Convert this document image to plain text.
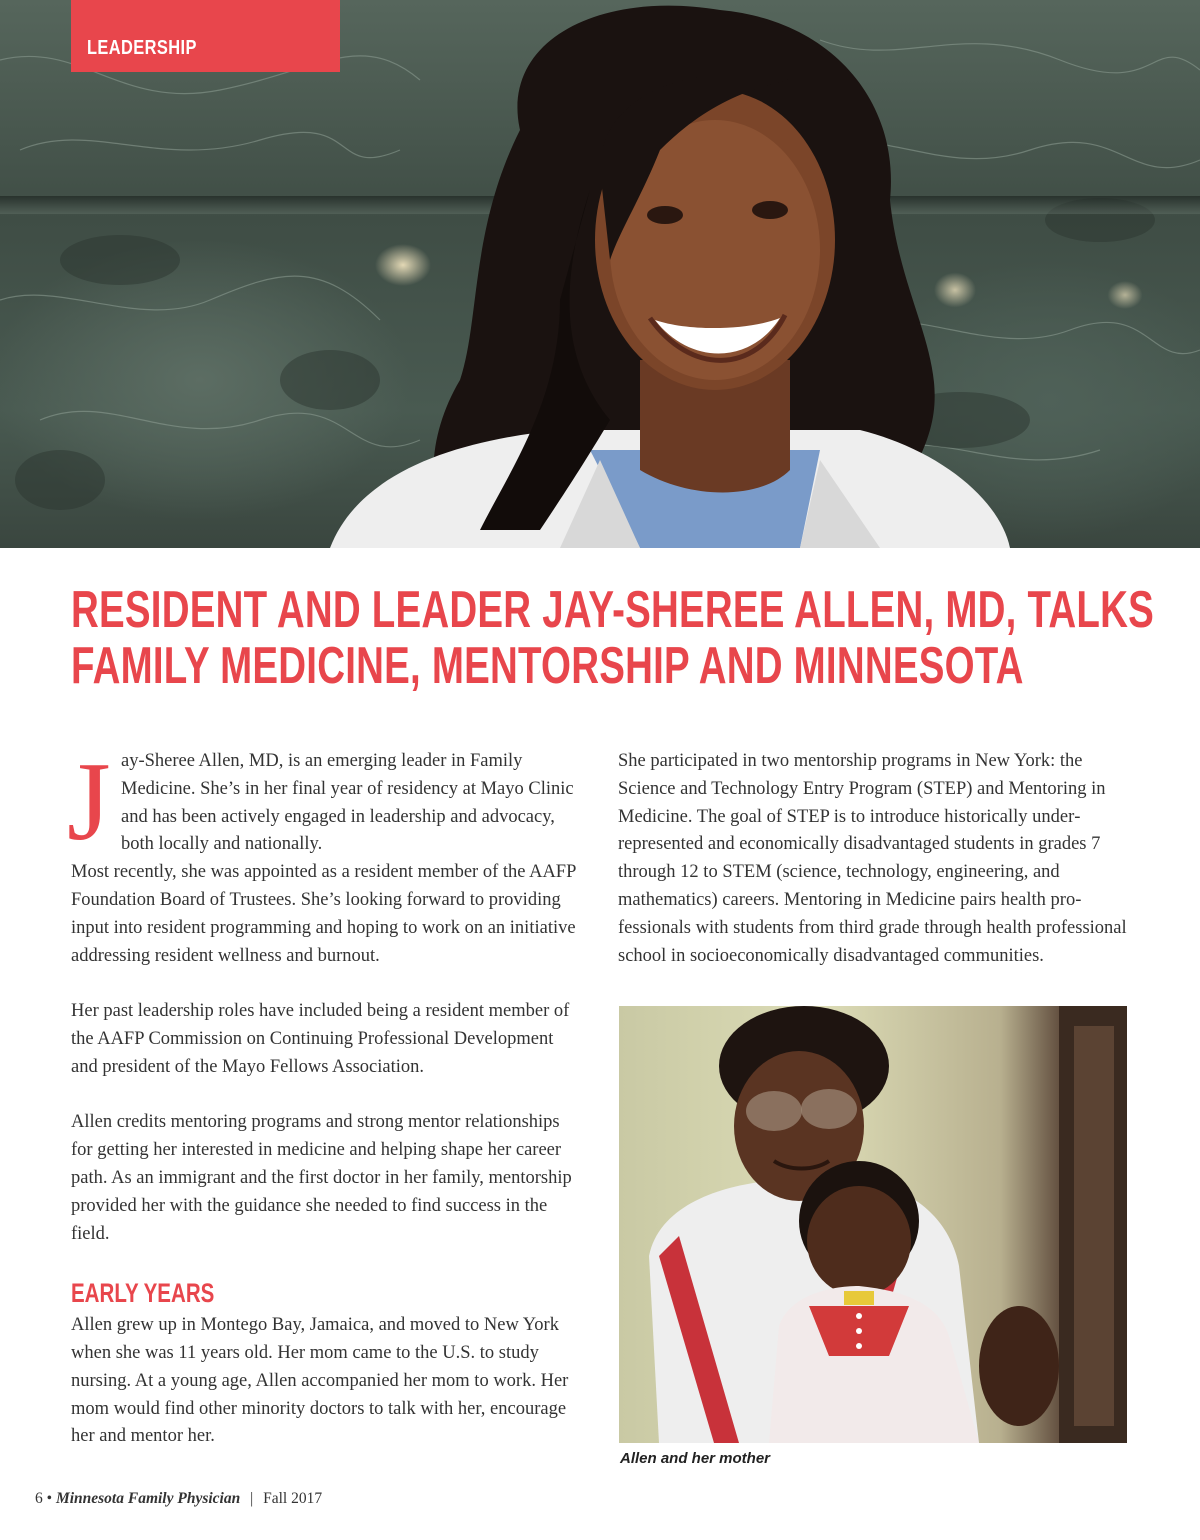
LEADERSHIP
RESIDENT AND LEADER JAY-SHEREE ALLEN, MD, TALKS
FAMILY MEDICINE, MENTORSHIP AND MINNESOTA
J ay-Sheree Allen, MD, is an emerging leader in Family Medicine. She’s in her final year of residency at Mayo Clinic and has been actively engaged in leadership and advocacy, both locally and nationally.

Most recently, she was appointed as a resident member of the AAFP Foundation Board of Trustees. She’s looking forward to providing input into resident programming and hoping to work on an initiative addressing resident wellness and burnout.

Her past leadership roles have included being a resident member of the AAFP Commission on Continuing Professional Development and president of the Mayo Fellows Association.

Allen credits mentoring programs and strong mentor relationships for getting her interested in medicine and helping shape her career path. As an immigrant and the first doctor in her family, mentorship provided her with the guidance she needed to find success in the field.

EARLY YEARS

Allen grew up in Montego Bay, Jamaica, and moved to New York when she was 11 years old. Her mom came to the U.S. to study nursing. At a young age, Allen accompanied her mom to work. Her mom would find other minority doctors to talk with her, encourage her and mentor her.

She participated in two mentorship programs in New York: the Science and Technology Entry Program (STEP) and Mentoring in Medicine. The goal of STEP is to introduce historically underrepresented and economically disadvantaged students in grades 7 through 12 to STEM (science, technology, engineering, and mathematics) careers. Mentoring in Medicine pairs health professionals with students from third grade through health professional school in socioeconomically disadvantaged communities.

Allen and her mother
6 • Minnesota Family Physician | Fall 2017
